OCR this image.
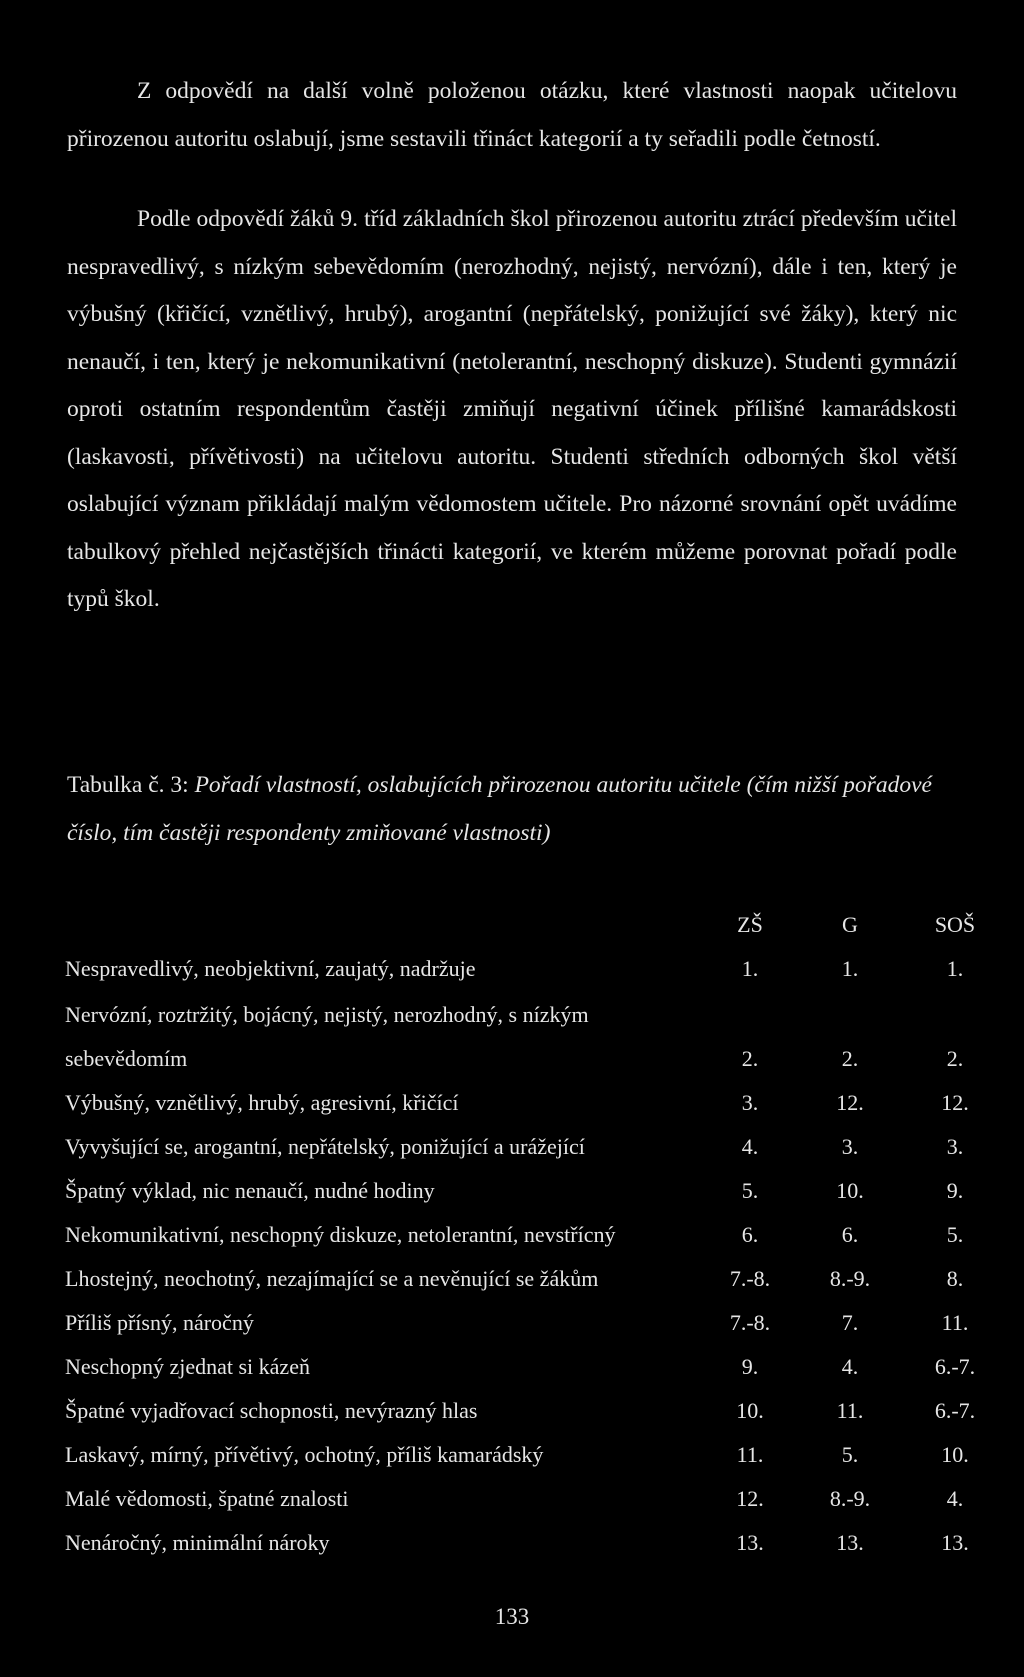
Z odpovědí na další volně položenou otázku, které vlastnosti naopak učitelovu přirozenou autoritu oslabují, jsme sestavili třináct kategorií a ty seřadili podle četností.

Podle odpovědí žáků 9. tříd základních škol přirozenou autoritu ztrácí především učitel nespravedlivý, s nízkým sebevědomím (nerozhodný, nejistý, nervózní), dále i ten, který je výbušný (křičící, vznětlivý, hrubý), arogantní (nepřátelský, ponižující své žáky), který nic nenaučí, i ten, který je nekomunikativní (netolerantní, neschopný diskuze). Studenti gymnázií oproti ostatním respondentům častěji zmiňují negativní účinek přílišné kamarádskosti (laskavosti, přívětivosti) na učitelovu autoritu. Studenti středních odborných škol větší oslabující význam přikládají malým vědomostem učitele. Pro názorné srovnání opět uvádíme tabulkový přehled nejčastějších třinácti kategorií, ve kterém můžeme porovnat pořadí podle typů škol.

Tabulka č. 3: Pořadí vlastností, oslabujících přirozenou autoritu učitele (čím nižší pořadové číslo, tím častěji respondenty zmiňované vlastnosti)

	ZŠ	G	SOŠ
Nespravedlivý, neobjektivní, zaujatý, nadržuje	1.	1.	1.
Nervózní, roztržitý, bojácný, nejistý, nerozhodný, s nízkým sebevědomím	2.	2.	2.
Výbušný, vznětlivý, hrubý, agresivní, křičící	3.	12.	12.
Vyvyšující se, arogantní, nepřátelský, ponižující a urážející	4.	3.	3.
Špatný výklad, nic nenaučí, nudné hodiny	5.	10.	9.
Nekomunikativní, neschopný diskuze, netolerantní, nevstřícný	6.	6.	5.
Lhostejný, neochotný, nezajímající se a nevěnující se žákům	7.-8.	8.-9.	8.
Příliš přísný, náročný	7.-8.	7.	11.
Neschopný zjednat si kázeň	9.	4.	6.-7.
Špatné vyjadřovací schopnosti, nevýrazný hlas	10.	11.	6.-7.
Laskavý, mírný, přívětivý, ochotný, příliš kamarádský	11.	5.	10.
Malé vědomosti, špatné znalosti	12.	8.-9.	4.
Nenáročný, minimální nároky	13.	13.	13.
133
